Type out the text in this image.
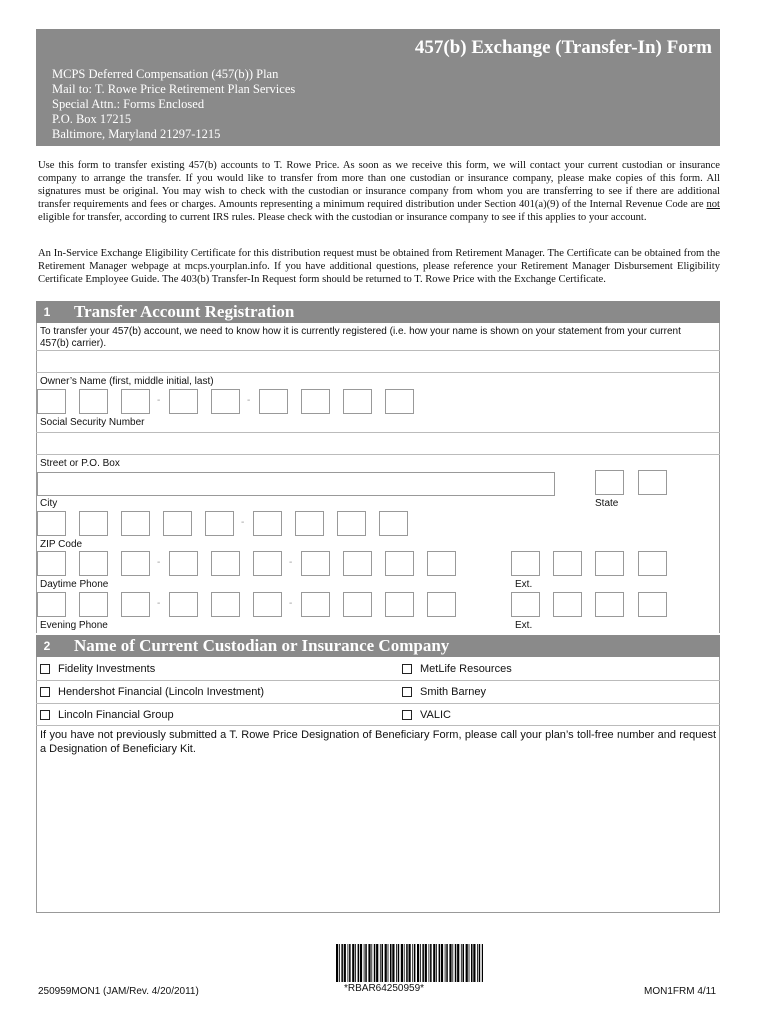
457(b) Exchange (Transfer-In) Form
MCPS Deferred Compensation (457(b)) Plan
Mail to: T. Rowe Price Retirement Plan Services
Special Attn.: Forms Enclosed
P.O. Box 17215
Baltimore, Maryland 21297-1215
Use this form to transfer existing 457(b) accounts to T. Rowe Price. As soon as we receive this form, we will contact your current custodian or insurance company to arrange the transfer. If you would like to transfer from more than one custodian or insurance company, please make copies of this form. All signatures must be original. You may wish to check with the custodian or insurance company from whom you are transferring to see if there are additional transfer requirements and fees or charges. Amounts representing a minimum required distribution under Section 401(a)(9) of the Internal Revenue Code are not eligible for transfer, according to current IRS rules. Please check with the custodian or insurance company to see if this applies to your account.
An In-Service Exchange Eligibility Certificate for this distribution request must be obtained from Retirement Manager. The Certificate can be obtained from the Retirement Manager webpage at mcps.yourplan.info. If you have additional questions, please reference your Retirement Manager Disbursement Eligibility Certificate Employee Guide. The 403(b) Transfer-In Request form should be returned to T. Rowe Price with the Exchange Certificate.
1	Transfer Account Registration
To transfer your 457(b) account, we need to know how it is currently registered (i.e. how your name is shown on your statement from your current 457(b) carrier).
Owner’s Name (first, middle initial, last)
-	-
Social Security Number
Street or P.O. Box
City	State
-
ZIP Code
-	-
Daytime Phone	Ext.
-	-
Evening Phone	Ext.
2	Name of Current Custodian or Insurance Company
Fidelity Investments	MetLife Resources
Hendershot Financial (Lincoln Investment)	Smith Barney
Lincoln Financial Group	VALIC
If you have not previously submitted a T. Rowe Price Designation of Beneficiary Form, please call your plan’s toll-free number and request a Designation of Beneficiary Kit.
250959MON1 (JAM/Rev. 4/20/2011)	*RBAR64250959*	MON1FRM 4/11
